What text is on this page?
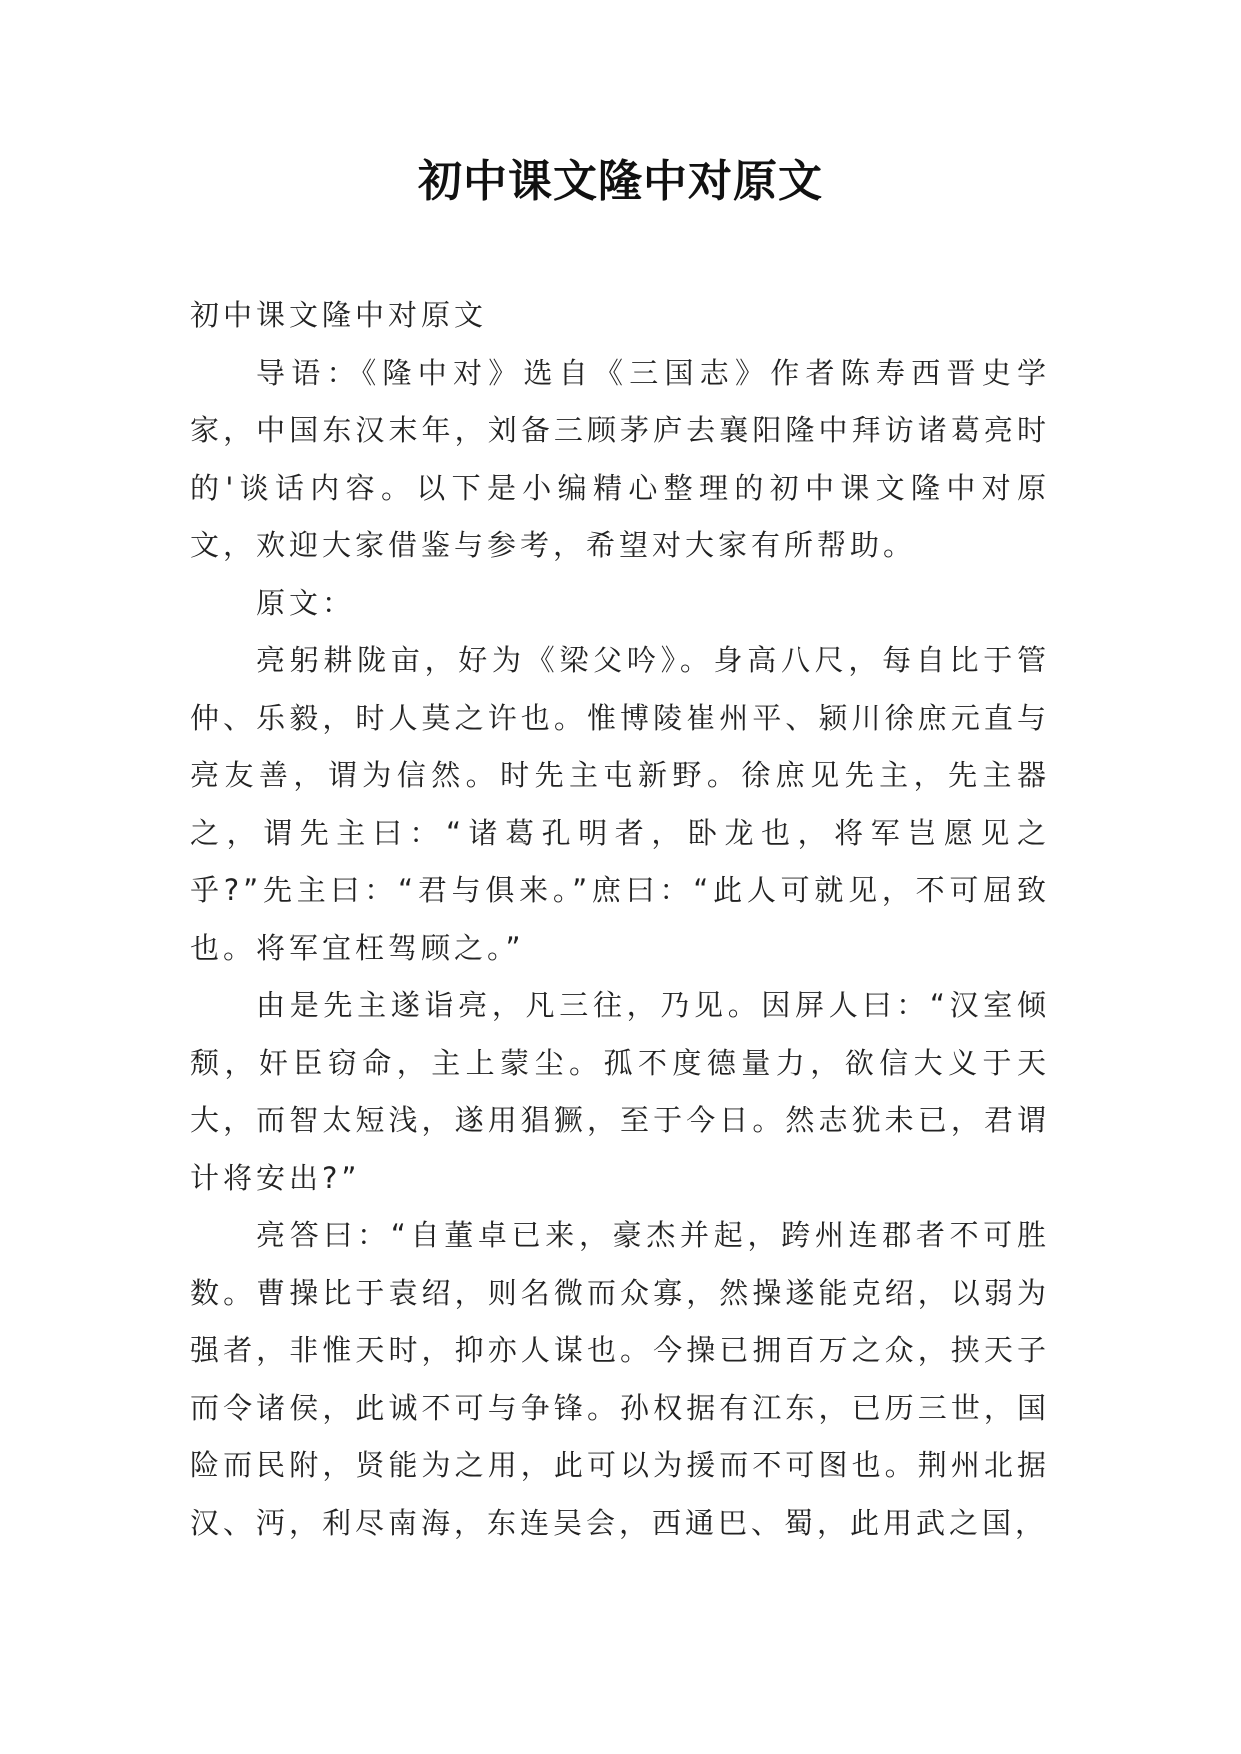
初中课文隆中对原文

初中课文隆中对原文

导语：《隆中对》选自《三国志》作者陈寿西晋史学家，中国东汉末年，刘备三顾茅庐去襄阳隆中拜访诸葛亮时的'谈话内容。以下是小编精心整理的初中课文隆中对原文，欢迎大家借鉴与参考，希望对大家有所帮助。

原文：

亮躬耕陇亩，好为《梁父吟》。身高八尺，每自比于管仲、乐毅，时人莫之许也。惟博陵崔州平、颍川徐庶元直与亮友善，谓为信然。时先主屯新野。徐庶见先主，先主器之，谓先主曰：“诸葛孔明者，卧龙也，将军岂愿见之乎?”先主曰：“君与俱来。”庶曰：“此人可就见，不可屈致也。将军宜枉驾顾之。”

由是先主遂诣亮，凡三往，乃见。因屏人曰：“汉室倾颓，奸臣窃命，主上蒙尘。孤不度德量力，欲信大义于天大，而智太短浅，遂用猖獗，至于今日。然志犹未已，君谓计将安出?”

亮答曰：“自董卓已来，豪杰并起，跨州连郡者不可胜数。曹操比于袁绍，则名微而众寡，然操遂能克绍，以弱为强者，非惟天时，抑亦人谋也。今操已拥百万之众，挟天子而令诸侯，此诚不可与争锋。孙权据有江东，已历三世，国险而民附，贤能为之用，此可以为援而不可图也。荆州北据汉、沔，利尽南海，东连吴会，西通巴、蜀，此用武之国，
